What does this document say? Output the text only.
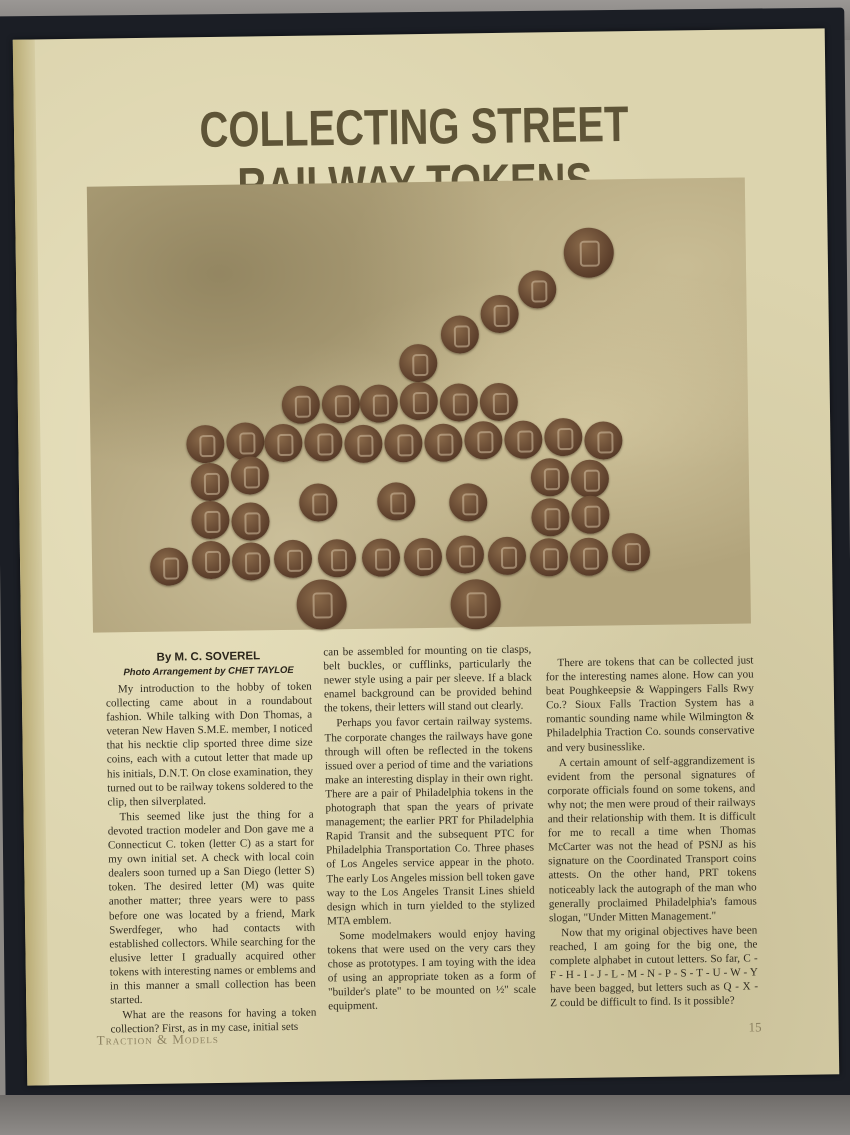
COLLECTING STREET
By M. C. SOVEREL
Photo Arrangement by CHET TAYLOE

My introduction to the hobby of token collecting came about in a roundabout fashion. While talking with Don Thomas, a veteran New Haven S.M.E. member, I noticed that his necktie clip sported three dime size coins, each with a cutout letter that made up his initials, D.N.T. On close examination, they turned out to be railway tokens soldered to the clip, then silverplated.

This seemed like just the thing for a devoted traction modeler and Don gave me a Connecticut C. token (letter C) as a start for my own initial set. A check with local coin dealers soon turned up a San Diego (letter S) token. The desired letter (M) was quite another matter; three years were to pass before one was located by a friend, Mark Swerdfeger, who had contacts with established collectors. While searching for the elusive letter I gradually acquired other tokens with interesting names or emblems and in this manner a small collection has been started.

What are the reasons for having a token collection? First, as in my case, initial sets

can be assembled for mounting on tie clasps, belt buckles, or cufflinks, particularly the newer style using a pair per sleeve. If a black enamel background can be provided behind the tokens, their letters will stand out clearly.

Perhaps you favor certain railway systems. The corporate changes the railways have gone through will often be reflected in the tokens issued over a period of time and the variations make an interesting display in their own right. There are a pair of Philadelphia tokens in the photograph that span the years of private management; the earlier PRT for Philadelphia Rapid Transit and the subsequent PTC for Philadelphia Transportation Co. Three phases of Los Angeles service appear in the photo. The early Los Angeles mission bell token gave way to the Los Angeles Transit Lines shield design which in turn yielded to the stylized MTA emblem.

Some modelmakers would enjoy having tokens that were used on the very cars they chose as prototypes. I am toying with the idea of using an appropriate token as a form of "builder's plate" to be mounted on ½" scale equipment.

There are tokens that can be collected just for the interesting names alone. How can you beat Poughkeepsie & Wappingers Falls Rwy Co.? Sioux Falls Traction System has a romantic sounding name while Wilmington & Philadelphia Traction Co. sounds conservative and very businesslike.

A certain amount of self-aggrandizement is evident from the personal signatures of corporate officials found on some tokens, and why not; the men were proud of their railways and their relationship with them. It is difficult for me to recall a time when Thomas McCarter was not the head of PSNJ as his signature on the Coordinated Transport coins attests. On the other hand, PRT tokens noticeably lack the autograph of the man who generally proclaimed Philadelphia's famous slogan, "Under Mitten Management."

Now that my original objectives have been reached, I am going for the big one, the complete alphabet in cutout letters. So far, C - F - H - I - J - L - M - N - P - S - T - U - W - Y have been bagged, but letters such as Q - X - Z could be difficult to find. Is it possible?

Traction & Models
15
